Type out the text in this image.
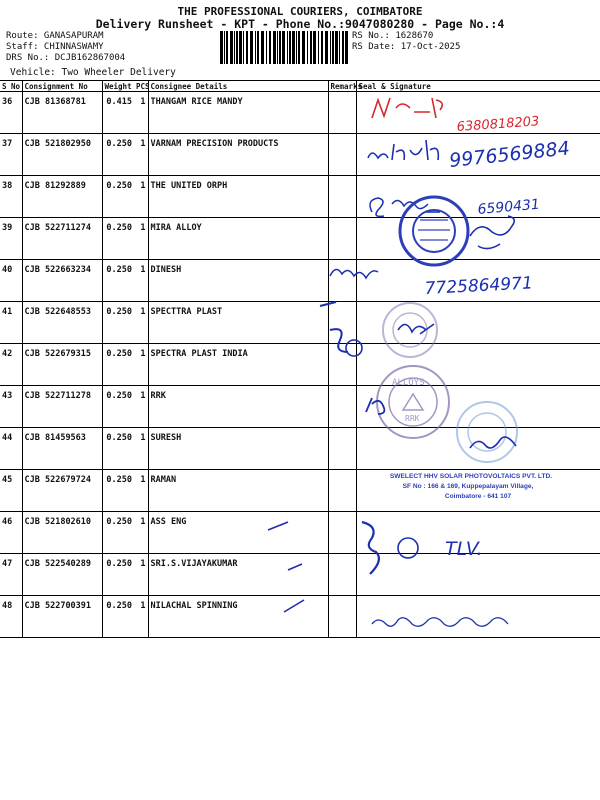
THE PROFESSIONAL COURIERS, COIMBATORE
Delivery Runsheet - KPT - Phone No.:9047080280 - Page No.:4
Route: GANASAPURAM
Staff: CHINNASWAMY
DRS No.: DCJB162867004
RS No.: 1628670
RS Date: 17-Oct-2025
Vehicle: Two Wheeler Delivery
S No	Consignment No	Weight	PCS	Consignee Details	Remarks	Seal & Signature
36	CJB 81368781	0.415	1	THANGAM RICE MANDY		
37	CJB 521802950	0.250	1	VARNAM PRECISION PRODUCTS		
38	CJB 81292889	0.250	1	THE UNITED ORPH		
39	CJB 522711274	0.250	1	MIRA ALLOY		
40	CJB 522663234	0.250	1	DINESH		
41	CJB 522648553	0.250	1	SPECTTRA PLAST		
42	CJB 522679315	0.250	1	SPECTRA PLAST INDIA		
43	CJB 522711278	0.250	1	RRK		
44	CJB 81459563	0.250	1	SURESH		
45	CJB 522679724	0.250	1	RAMAN		
46	CJB 521802610	0.250	1	ASS ENG		
47	CJB 522540289	0.250	1	SRI.S.VIJAYAKUMAR		
48	CJB 522700391	0.250	1	NILACHAL SPINNING		
6380818203
9976569884
6590431
7725864971
RRK
ALLOYS
SWELECT HHV SOLAR PHOTOVOLTAICS PVT. LTD.
SF No : 166 & 169, Kuppepalayam Village,
Coimbatore - 641 107
TLV.
